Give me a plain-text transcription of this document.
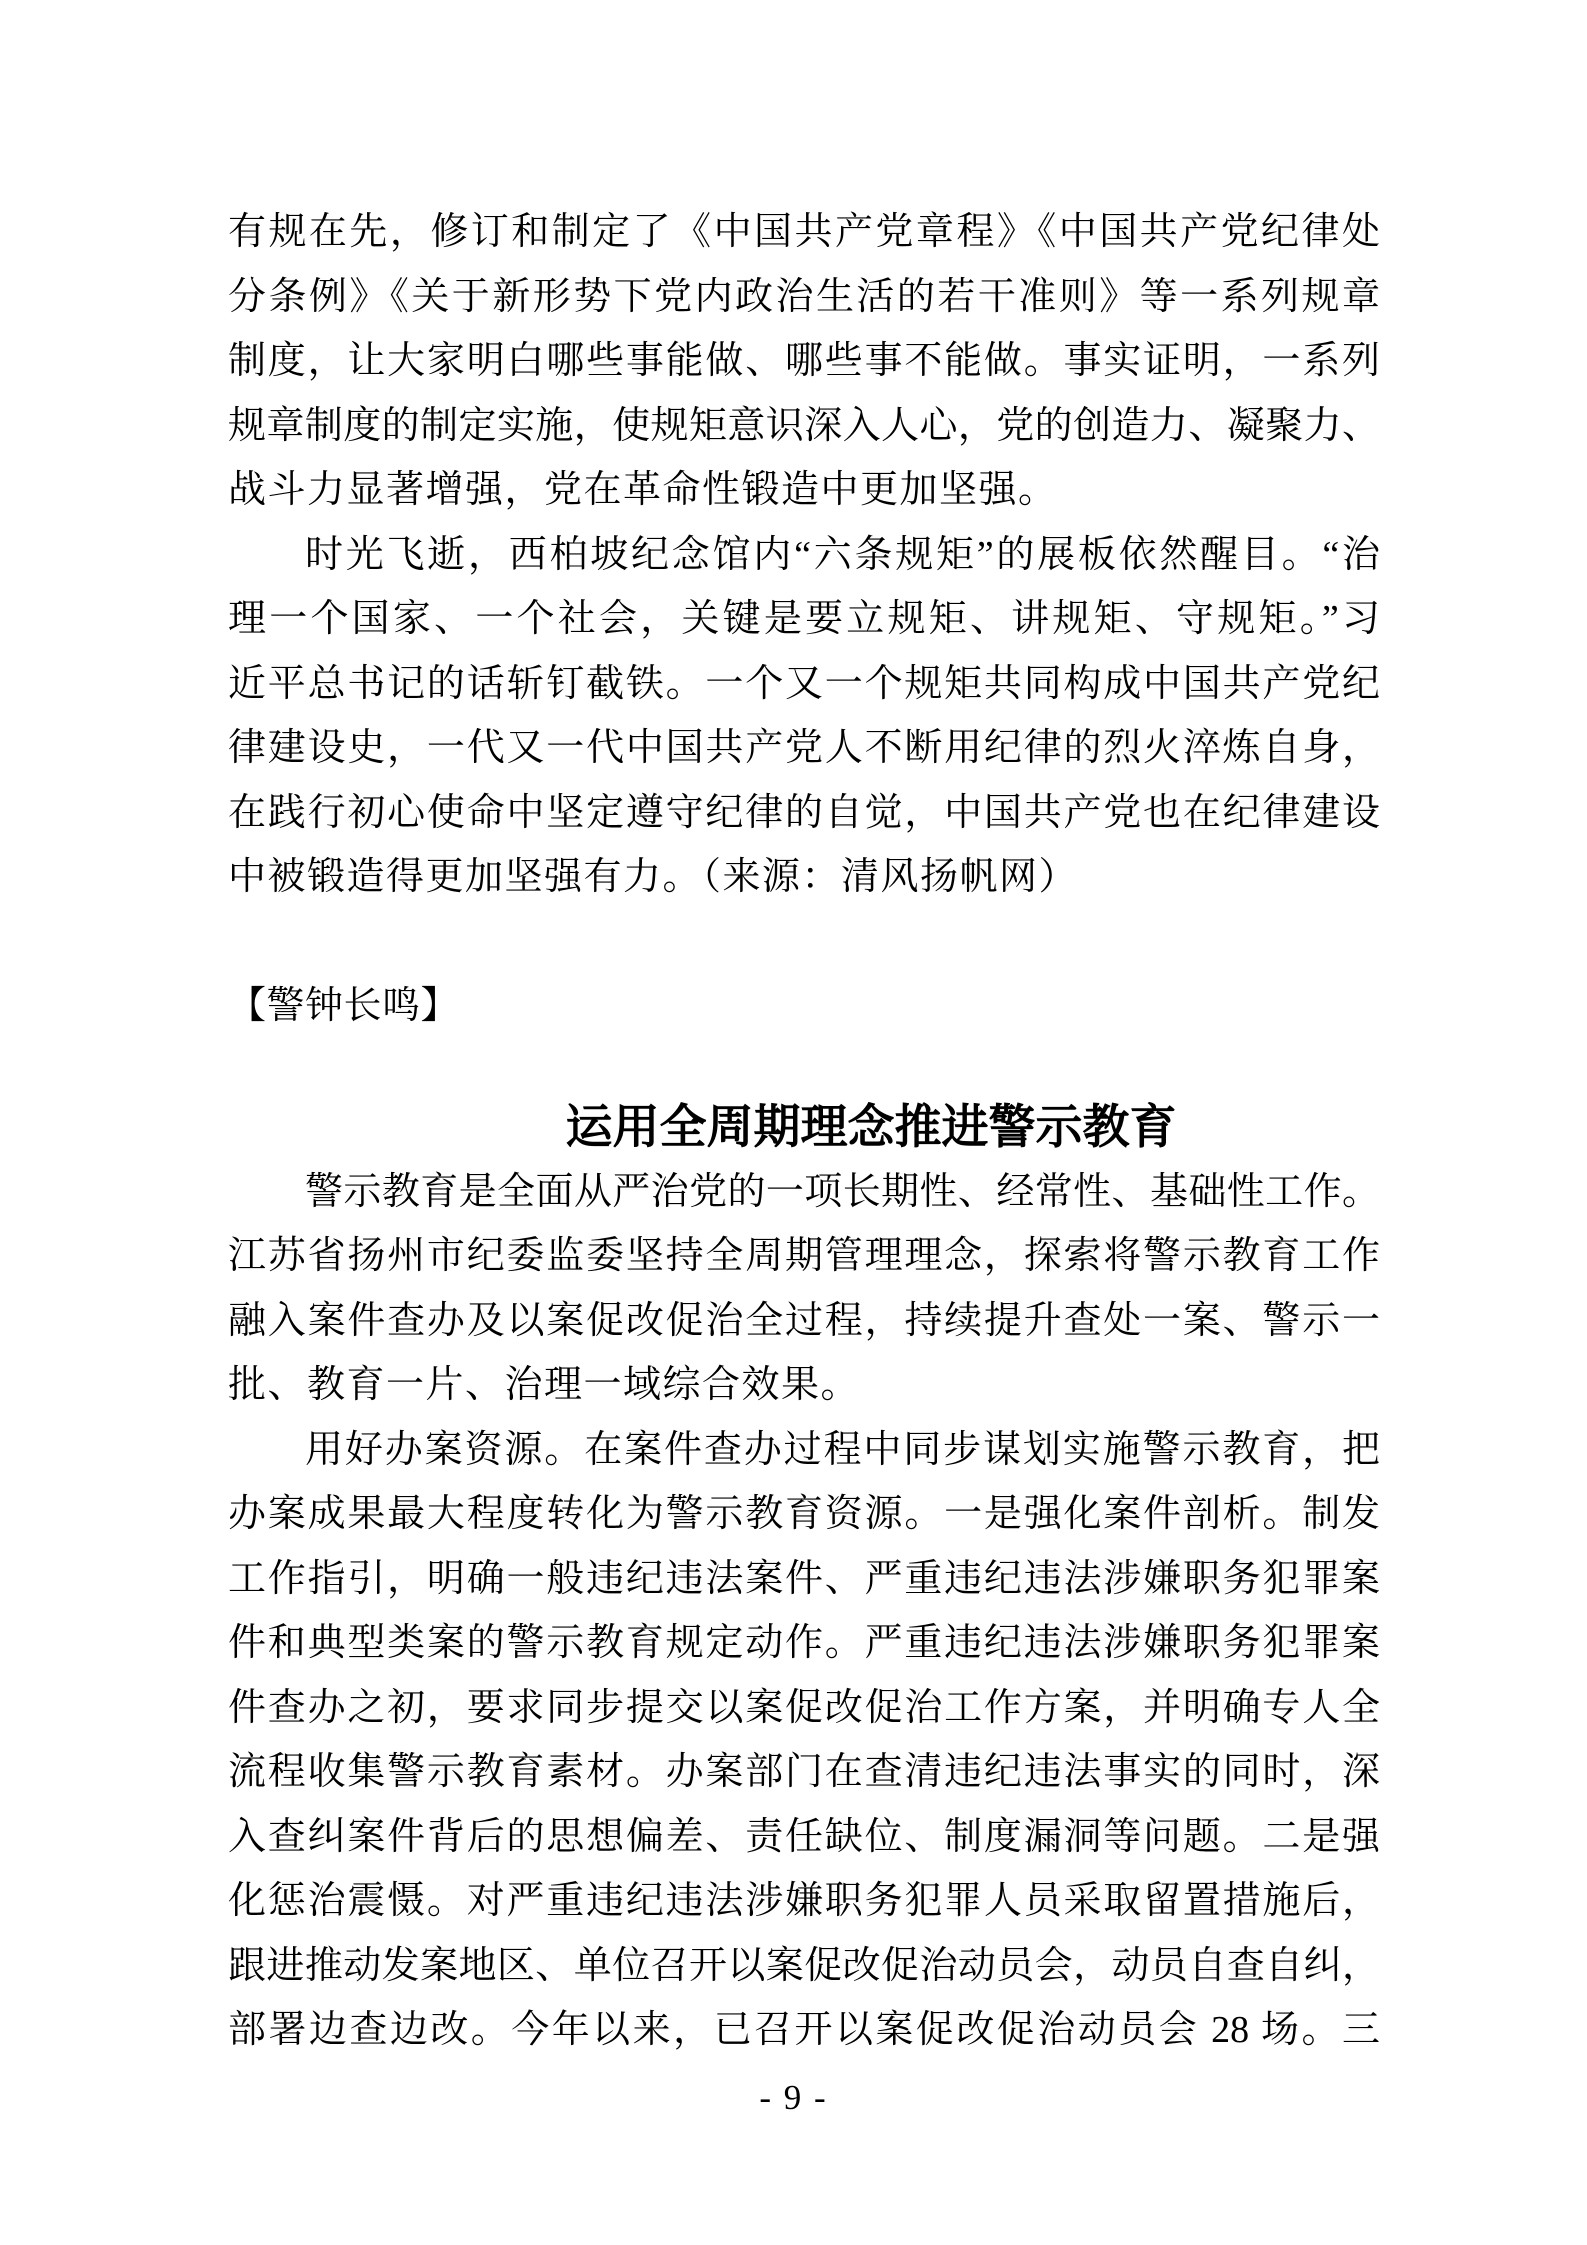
有规在先，修订和制定了《中国共产党章程》《中国共产党纪律处
分条例》《关于新形势下党内政治生活的若干准则》等一系列规章
制度，让大家明白哪些事能做、哪些事不能做。事实证明，一系列
规章制度的制定实施，使规矩意识深入人心，党的创造力、凝聚力、
战斗力显著增强，党在革命性锻造中更加坚强。
时光飞逝，西柏坡纪念馆内“六条规矩”的展板依然醒目。“治
理一个国家、一个社会，关键是要立规矩、讲规矩、守规矩。”习
近平总书记的话斩钉截铁。一个又一个规矩共同构成中国共产党纪
律建设史，一代又一代中国共产党人不断用纪律的烈火淬炼自身，
在践行初心使命中坚定遵守纪律的自觉，中国共产党也在纪律建设
中被锻造得更加坚强有力。（来源：清风扬帆网）
【警钟长鸣】
运用全周期理念推进警示教育
警示教育是全面从严治党的一项长期性、经常性、基础性工作。
江苏省扬州市纪委监委坚持全周期管理理念，探索将警示教育工作
融入案件查办及以案促改促治全过程，持续提升查处一案、警示一
批、教育一片、治理一域综合效果。
用好办案资源。在案件查办过程中同步谋划实施警示教育，把
办案成果最大程度转化为警示教育资源。一是强化案件剖析。制发
工作指引，明确一般违纪违法案件、严重违纪违法涉嫌职务犯罪案
件和典型类案的警示教育规定动作。严重违纪违法涉嫌职务犯罪案
件查办之初，要求同步提交以案促改促治工作方案，并明确专人全
流程收集警示教育素材。办案部门在查清违纪违法事实的同时，深
入查纠案件背后的思想偏差、责任缺位、制度漏洞等问题。二是强
化惩治震慑。对严重违纪违法涉嫌职务犯罪人员采取留置措施后，
跟进推动发案地区、单位召开以案促改促治动员会，动员自查自纠，
部署边查边改。今年以来，已召开以案促改促治动员会 28 场。三
- 9 -
